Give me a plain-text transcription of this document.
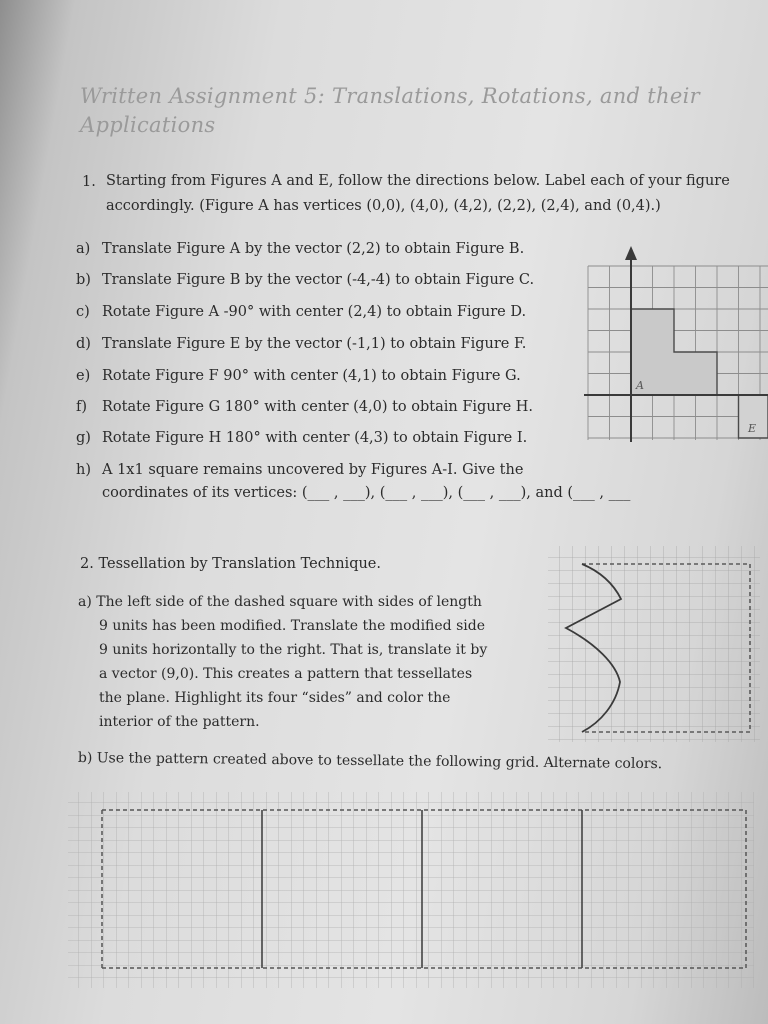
Written Assignment 5: Translations, Rotations, and their
Applications
1. Starting from Figures A and E, follow the directions below. Label each of your figure
accordingly. (Figure A has vertices (0,0), (4,0), (4,2), (2,2), (2,4), and (0,4).)
a) Translate Figure A by the vector (2,2) to obtain Figure B.
b) Translate Figure B by the vector (-4,-4) to obtain Figure C.
c) Rotate Figure A -90° with center (2,4) to obtain Figure D.
d) Translate Figure E by the vector (-1,1) to obtain Figure F.
e) Rotate Figure F 90° with center (4,1) to obtain Figure G.
f) Rotate Figure G 180° with center (4,0) to obtain Figure H.
g) Rotate Figure H 180° with center (4,3) to obtain Figure I.
h) A 1x1 square remains uncovered by Figures A-I. Give the
coordinates of its vertices: (___ , ___), (___ , ___), (___ , ___), and (___ , ___
A
E
2. Tessellation by Translation Technique.
a) The left side of the dashed square with sides of length
9 units has been modified. Translate the modified side
9 units horizontally to the right. That is, translate it by
a vector (9,0). This creates a pattern that tessellates
the plane. Highlight its four “sides” and color the
interior of the pattern.
b) Use the pattern created above to tessellate the following grid. Alternate colors.
